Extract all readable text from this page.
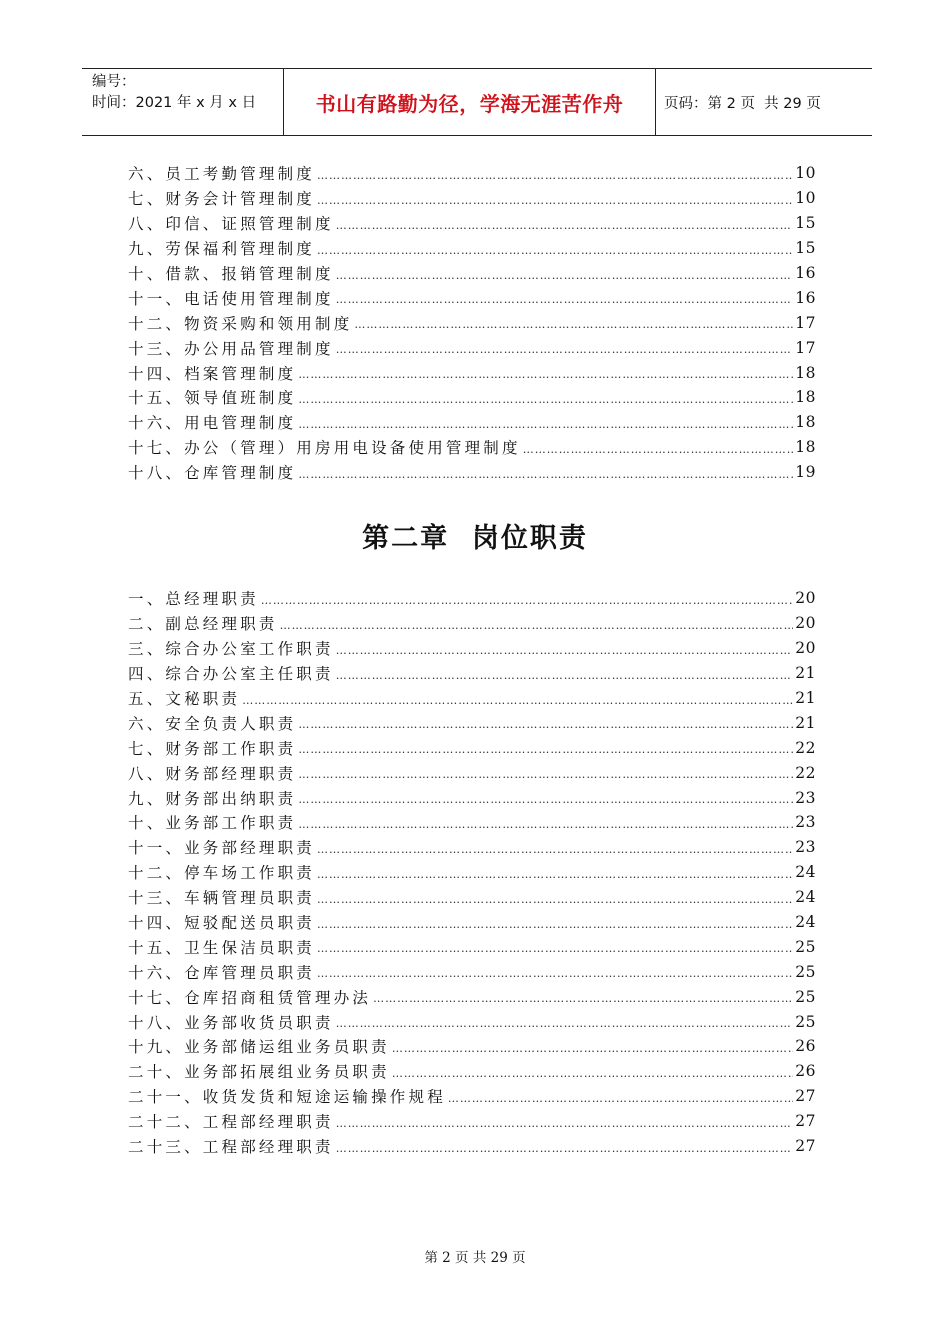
编号：
时间：2021 年 x 月 x 日	书山有路勤为径，学海无涯苦作舟	页码：第 2 页  共 29 页
六、员工考勤管理制度 ……………………………………………………………………………………………………………………………………………………………………………………………………	10
七、财务会计管理制度 ……………………………………………………………………………………………………………………………………………………………………………………………………	10
八、印信、证照管理制度 ……………………………………………………………………………………………………………………………………………………………………………………………………	15
九、劳保福利管理制度 ……………………………………………………………………………………………………………………………………………………………………………………………………	15
十、借款、报销管理制度 ……………………………………………………………………………………………………………………………………………………………………………………………………	16
十一、电话使用管理制度 ……………………………………………………………………………………………………………………………………………………………………………………………………	16
十二、物资采购和领用制度 ……………………………………………………………………………………………………………………………………………………………………………………………………	17
十三、办公用品管理制度 ……………………………………………………………………………………………………………………………………………………………………………………………………	17
十四、档案管理制度 ……………………………………………………………………………………………………………………………………………………………………………………………………	18
十五、领导值班制度 ……………………………………………………………………………………………………………………………………………………………………………………………………	18
十六、用电管理制度 ……………………………………………………………………………………………………………………………………………………………………………………………………	18
十七、办公（管理）用房用电设备使用管理制度 ……………………………………………………………………………………………………………………………………………………………………………………………………	18
十八、仓库管理制度 ……………………………………………………………………………………………………………………………………………………………………………………………………	19
第二章  岗位职责
一、总经理职责 ……………………………………………………………………………………………………………………………………………………………………………………………………	20
二、副总经理职责 ……………………………………………………………………………………………………………………………………………………………………………………………………	20
三、综合办公室工作职责 ……………………………………………………………………………………………………………………………………………………………………………………………………	20
四、综合办公室主任职责 ……………………………………………………………………………………………………………………………………………………………………………………………………	21
五、文秘职责 ……………………………………………………………………………………………………………………………………………………………………………………………………	21
六、安全负责人职责 ……………………………………………………………………………………………………………………………………………………………………………………………………	21
七、财务部工作职责 ……………………………………………………………………………………………………………………………………………………………………………………………………	22
八、财务部经理职责 ……………………………………………………………………………………………………………………………………………………………………………………………………	22
九、财务部出纳职责 ……………………………………………………………………………………………………………………………………………………………………………………………………	23
十、业务部工作职责 ……………………………………………………………………………………………………………………………………………………………………………………………………	23
十一、业务部经理职责 ……………………………………………………………………………………………………………………………………………………………………………………………………	23
十二、停车场工作职责 ……………………………………………………………………………………………………………………………………………………………………………………………………	24
十三、车辆管理员职责 ……………………………………………………………………………………………………………………………………………………………………………………………………	24
十四、短驳配送员职责 ……………………………………………………………………………………………………………………………………………………………………………………………………	24
十五、卫生保洁员职责 ……………………………………………………………………………………………………………………………………………………………………………………………………	25
十六、仓库管理员职责 ……………………………………………………………………………………………………………………………………………………………………………………………………	25
十七、仓库招商租赁管理办法 ……………………………………………………………………………………………………………………………………………………………………………………………………	25
十八、业务部收货员职责 ……………………………………………………………………………………………………………………………………………………………………………………………………	25
十九、业务部储运组业务员职责 ……………………………………………………………………………………………………………………………………………………………………………………………………	26
二十、业务部拓展组业务员职责 ……………………………………………………………………………………………………………………………………………………………………………………………………	26
二十一、收货发货和短途运输操作规程 ……………………………………………………………………………………………………………………………………………………………………………………………………	27
二十二、工程部经理职责 ……………………………………………………………………………………………………………………………………………………………………………………………………	27
二十三、工程部经理职责 ……………………………………………………………………………………………………………………………………………………………………………………………………	27
第 2 页 共 29 页
